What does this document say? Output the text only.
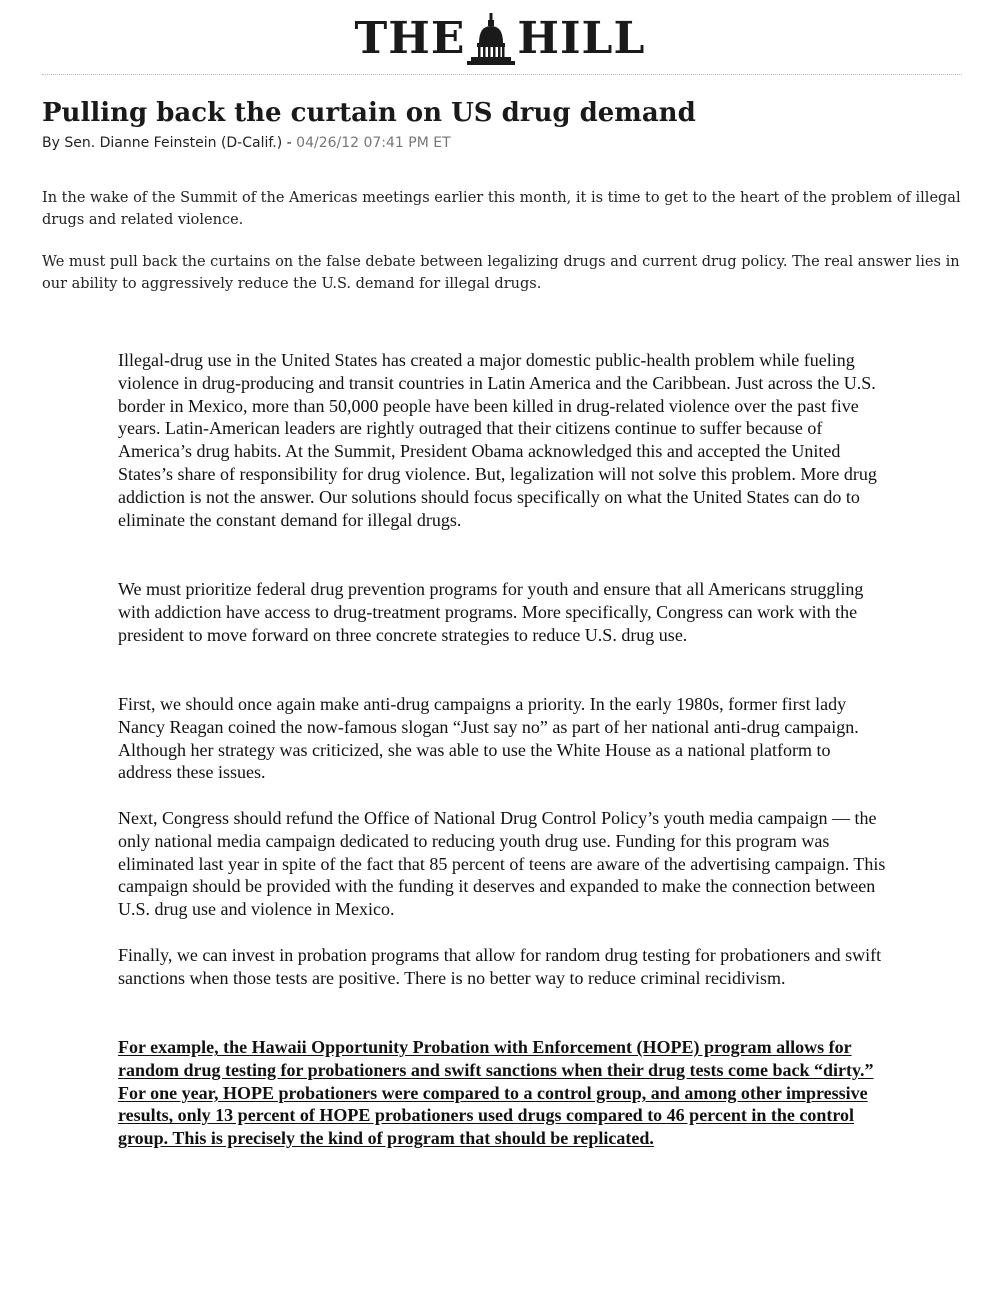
THE HILL
Pulling back the curtain on US drug demand
By Sen. Dianne Feinstein (D-Calif.) - 04/26/12 07:41 PM ET

In the wake of the Summit of the Americas meetings earlier this month, it is time to get to the heart of the problem of illegal drugs and related violence.

We must pull back the curtains on the false debate between legalizing drugs and current drug policy. The real answer lies in our ability to aggressively reduce the U.S. demand for illegal drugs.

Illegal-drug use in the United States has created a major domestic public-health problem while fueling violence in drug-producing and transit countries in Latin America and the Caribbean. Just across the U.S. border in Mexico, more than 50,000 people have been killed in drug-related violence over the past five years. Latin-American leaders are rightly outraged that their citizens continue to suffer because of America’s drug habits. At the Summit, President Obama acknowledged this and accepted the United States’s share of responsibility for drug violence. But, legalization will not solve this problem. More drug addiction is not the answer. Our solutions should focus specifically on what the United States can do to eliminate the constant demand for illegal drugs.

We must prioritize federal drug prevention programs for youth and ensure that all Americans struggling with addiction have access to drug-treatment programs. More specifically, Congress can work with the president to move forward on three concrete strategies to reduce U.S. drug use.

First, we should once again make anti-drug campaigns a priority. In the early 1980s, former first lady Nancy Reagan coined the now-famous slogan “Just say no” as part of her national anti-drug campaign. Although her strategy was criticized, she was able to use the White House as a national platform to address these issues.

Next, Congress should refund the Office of National Drug Control Policy’s youth media campaign — the only national media campaign dedicated to reducing youth drug use. Funding for this program was eliminated last year in spite of the fact that 85 percent of teens are aware of the advertising campaign. This campaign should be provided with the funding it deserves and expanded to make the connection between U.S. drug use and violence in Mexico.

Finally, we can invest in probation programs that allow for random drug testing for probationers and swift sanctions when those tests are positive. There is no better way to reduce criminal recidivism.

For example, the Hawaii Opportunity Probation with Enforcement (HOPE) program allows for random drug testing for probationers and swift sanctions when their drug tests come back “dirty.” For one year, HOPE probationers were compared to a control group, and among other impressive results, only 13 percent of HOPE probationers used drugs compared to 46 percent in the control group. This is precisely the kind of program that should be replicated.
